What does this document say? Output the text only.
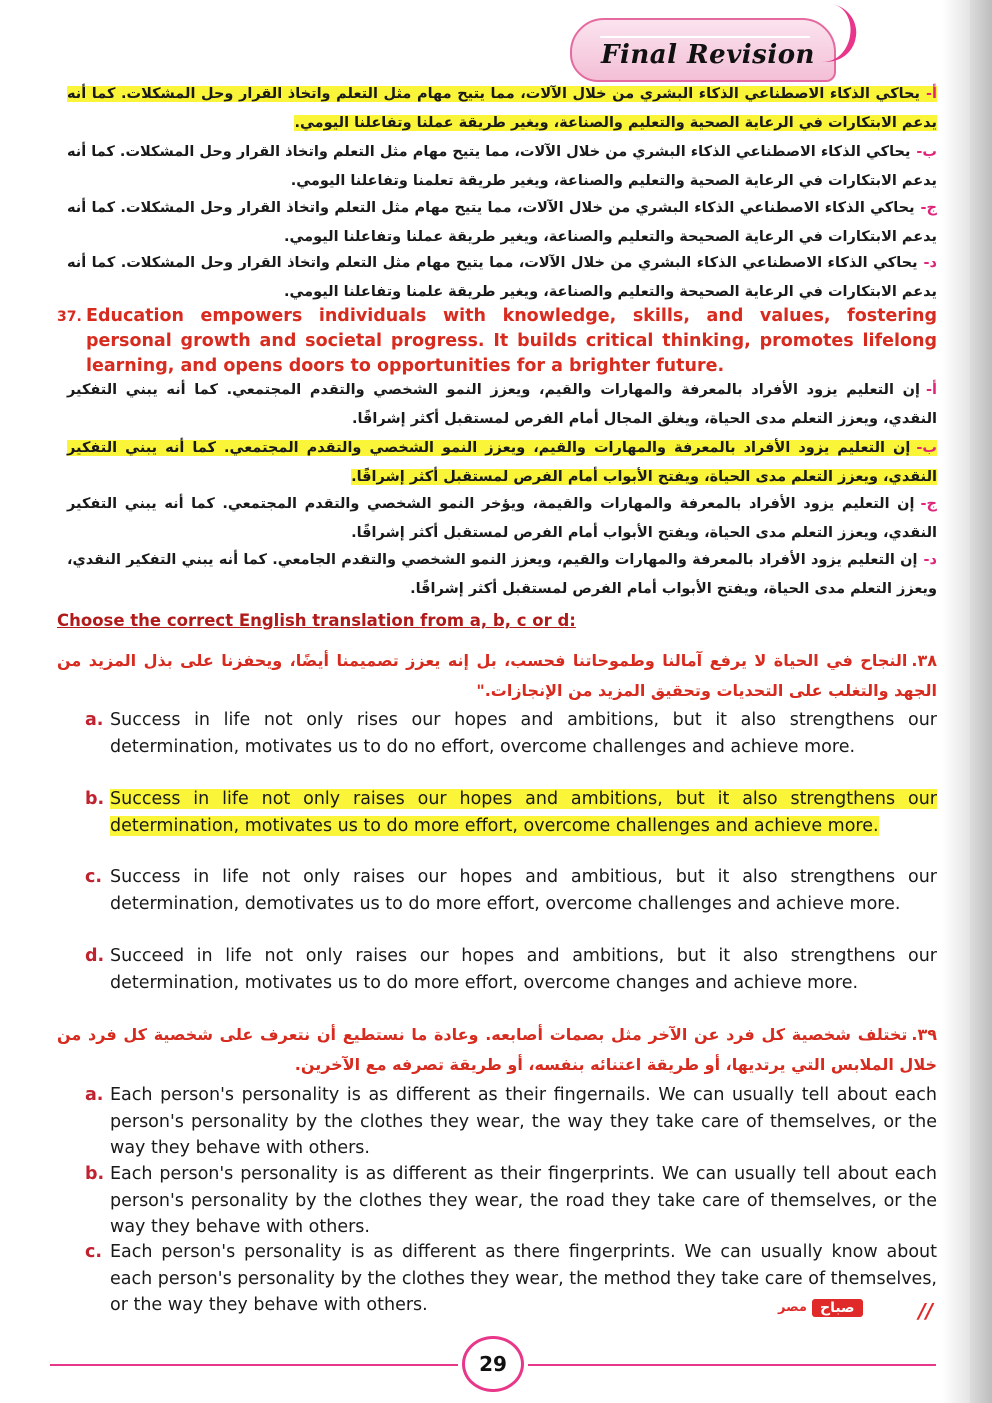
Final Revision
أ-يحاكي الذكاء الاصطناعي الذكاء البشري من خلال الآلات، مما يتيح مهام مثل التعلم واتخاذ القرار وحل المشكلات. كما أنه يدعم الابتكارات في الرعاية الصحية والتعليم والصناعة، ويغير طريقة عملنا وتفاعلنا اليومي.
ب-يحاكي الذكاء الاصطناعي الذكاء البشري من خلال الآلات، مما يتيح مهام مثل التعلم واتخاذ القرار وحل المشكلات. كما أنه يدعم الابتكارات في الرعاية الصحية والتعليم والصناعة، ويغير طريقة تعلمنا وتفاعلنا اليومي.
ج-يحاكي الذكاء الاصطناعي الذكاء البشري من خلال الآلات، مما يتيح مهام مثل التعلم واتخاذ القرار وحل المشكلات. كما أنه يدعم الابتكارات في الرعاية الصحيحة والتعليم والصناعة، ويغير طريقة عملنا وتفاعلنا اليومي.
د-يحاكي الذكاء الاصطناعي الذكاء البشري من خلال الآلات، مما يتيح مهام مثل التعلم واتخاذ القرار وحل المشكلات. كما أنه يدعم الابتكارات في الرعاية الصحيحة والتعليم والصناعة، ويغير طريقة علمنا وتفاعلنا اليومي.
37. Education empowers individuals with knowledge, skills, and values, fostering personal growth and societal progress. It builds critical thinking, promotes lifelong learning, and opens doors to opportunities for a brighter future.
أ-إن التعليم يزود الأفراد بالمعرفة والمهارات والقيم، ويعزز النمو الشخصي والتقدم المجتمعي. كما أنه يبني التفكير النقدي، ويعزز التعلم مدى الحياة، ويغلق المجال أمام الفرص لمستقبل أكثر إشراقًا.
ب-إن التعليم يزود الأفراد بالمعرفة والمهارات والقيم، ويعزز النمو الشخصي والتقدم المجتمعي. كما أنه يبني التفكير النقدي، ويعزز التعلم مدى الحياة، ويفتح الأبواب أمام الفرص لمستقبل أكثر إشراقًا.
ج-إن التعليم يزود الأفراد بالمعرفة والمهارات والقيمة، ويؤخر النمو الشخصي والتقدم المجتمعي. كما أنه يبني التفكير النقدي، ويعزز التعلم مدى الحياة، ويفتح الأبواب أمام الفرص لمستقبل أكثر إشراقًا.
د-إن التعليم يزود الأفراد بالمعرفة والمهارات والقيم، ويعزز النمو الشخصي والتقدم الجامعي. كما أنه يبني التفكير النقدي، ويعزز التعلم مدى الحياة، ويفتح الأبواب أمام الفرص لمستقبل أكثر إشراقًا.
Choose the correct English translation from a, b, c or d:
٣٨.النجاح في الحياة لا يرفع آمالنا وطموحاتنا فحسب، بل إنه يعزز تصميمنا أيضًا، ويحفزنا على بذل المزيد من الجهد والتغلب على التحديات وتحقيق المزيد من الإنجازات."
a. Success in life not only rises our hopes and ambitions, but it also strengthens our determination, motivates us to do no effort, overcome challenges and achieve more.
b. Success in life not only raises our hopes and ambitions, but it also strengthens our determination, motivates us to do more effort, overcome challenges and achieve more.
c. Success in life not only raises our hopes and ambitious, but it also strengthens our determination, demotivates us to do more effort, overcome challenges and achieve more.
d. Succeed in life not only raises our hopes and ambitions, but it also strengthens our determination, motivates us to do more effort, overcome changes and achieve more.
٣٩.تختلف شخصية كل فرد عن الآخر مثل بصمات أصابعه. وعادة ما نستطيع أن نتعرف على شخصية كل فرد من خلال الملابس التي يرتديها، أو طريقة اعتنائه بنفسه، أو طريقة تصرفه مع الآخرين.
a. Each person's personality is as different as their fingernails. We can usually tell about each person's personality by the clothes they wear, the way they take care of themselves, or the way they behave with others.
b. Each person's personality is as different as their fingerprints. We can usually tell about each person's personality by the clothes they wear, the road they take care of themselves, or the way they behave with others.
c. Each person's personality is as different as there fingerprints. We can usually know about each person's personality by the clothes they wear, the method they take care of themselves, or the way they behave with others.	مصر صباح	//
29
